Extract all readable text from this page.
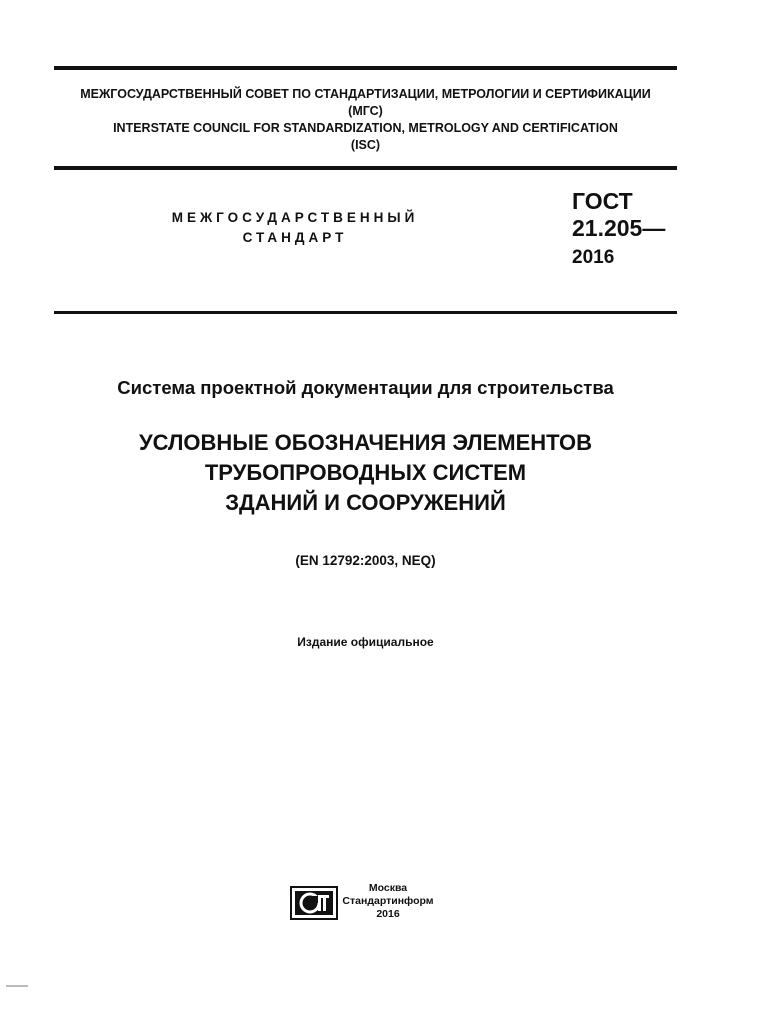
МЕЖГОСУДАРСТВЕННЫЙ СОВЕТ ПО СТАНДАРТИЗАЦИИ, МЕТРОЛОГИИ И СЕРТИФИКАЦИИ
(МГС)
INTERSTATE COUNCIL FOR STANDARDIZATION, METROLOGY AND CERTIFICATION
(ISC)
МЕЖГОСУДАРСТВЕННЫЙ
СТАНДАРТ
ГОСТ
21.205—
2016
Система проектной документации для строительства
УСЛОВНЫЕ ОБОЗНАЧЕНИЯ ЭЛЕМЕНТОВ
ТРУБОПРОВОДНЫХ СИСТЕМ
ЗДАНИЙ И СООРУЖЕНИЙ
(EN 12792:2003, NEQ)
Издание официальное
Москва
Стандартинформ
2016
